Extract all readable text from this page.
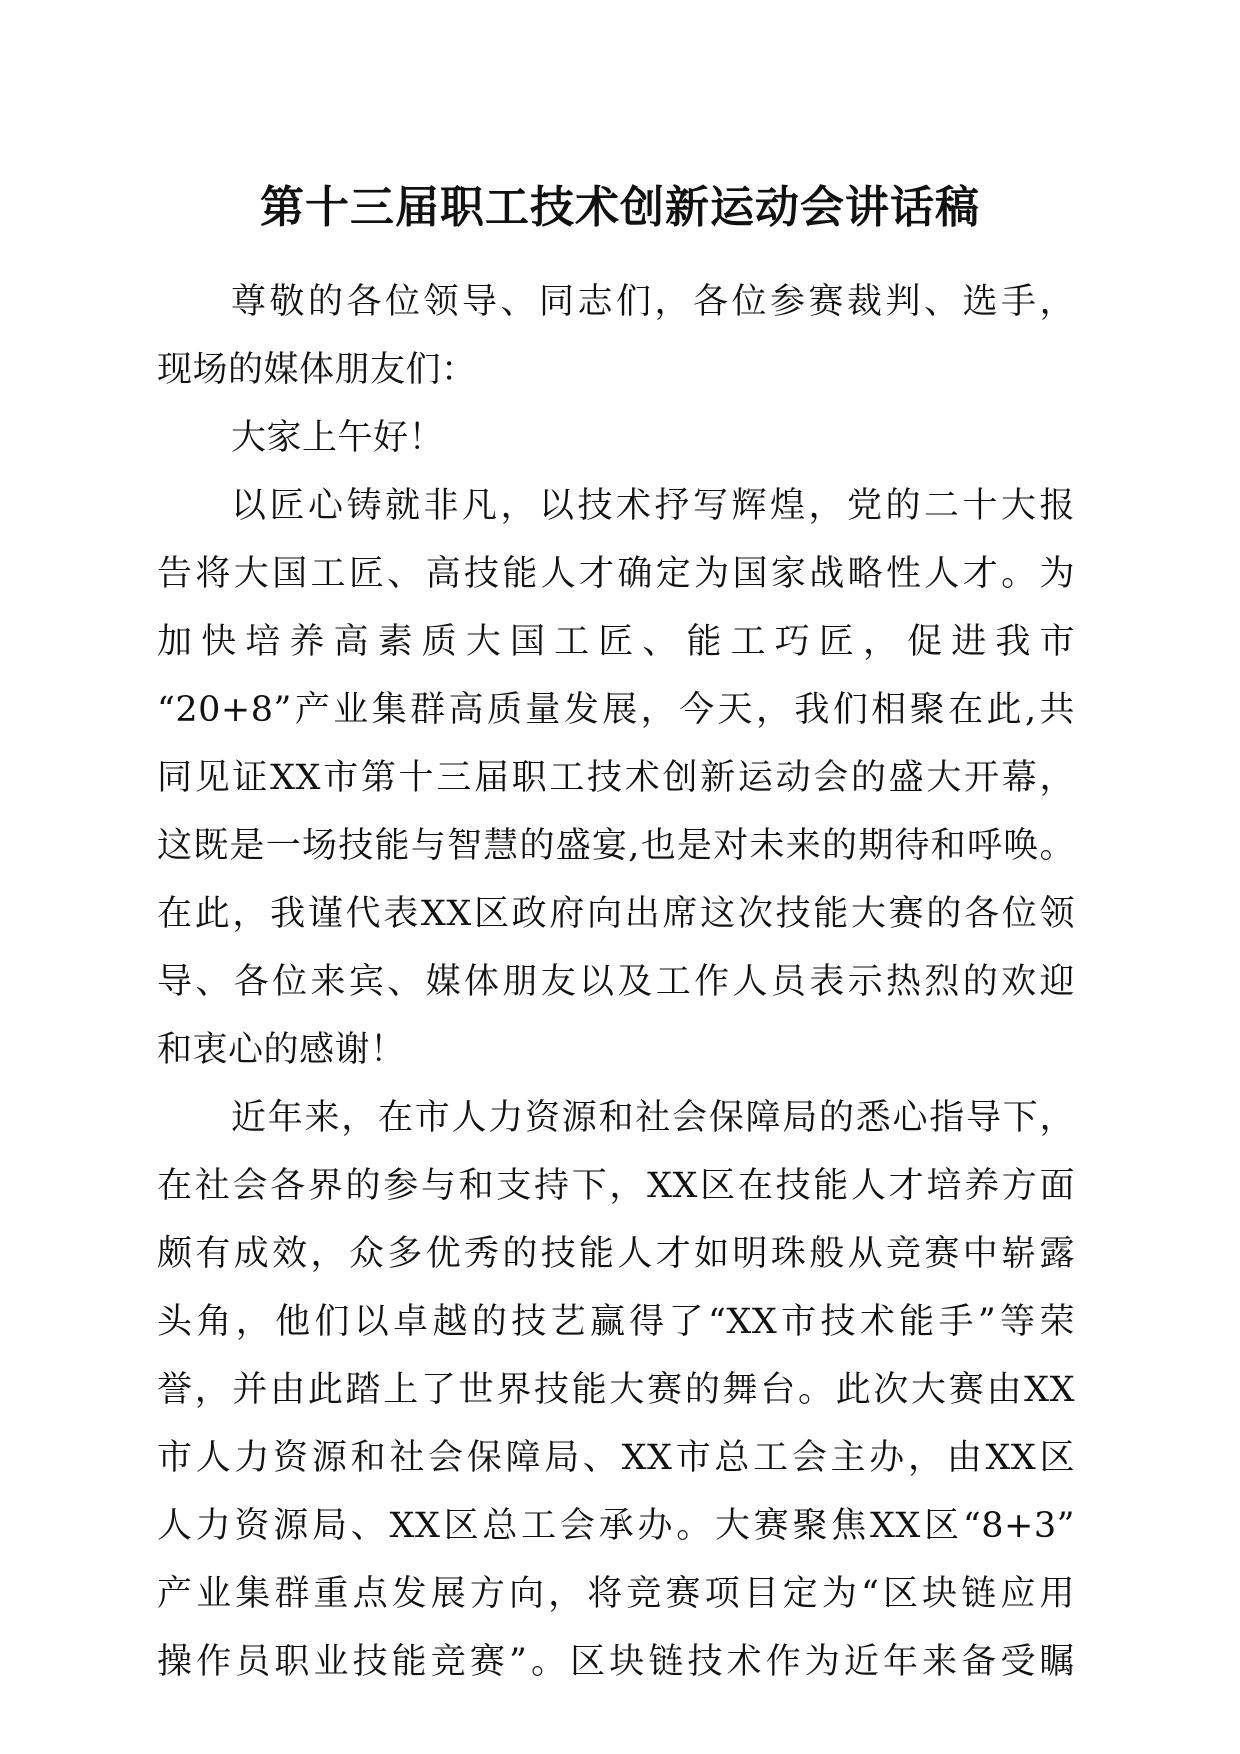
第十三届职工技术创新运动会讲话稿
尊敬的各位领导、同志们，各位参赛裁判、选手，
现场的媒体朋友们：
大家上午好！
以匠心铸就非凡，以技术抒写辉煌，党的二十大报
告将大国工匠、高技能人才确定为国家战略性人才。为
加快培养高素质大国工匠、能工巧匠，促进我市
“20+8”产业集群高质量发展，今天，我们相聚在此,共
同见证XX市第十三届职工技术创新运动会的盛大开幕，
这既是一场技能与智慧的盛宴,也是对未来的期待和呼唤。
在此，我谨代表XX区政府向出席这次技能大赛的各位领
导、各位来宾、媒体朋友以及工作人员表示热烈的欢迎
和衷心的感谢！
近年来，在市人力资源和社会保障局的悉心指导下，
在社会各界的参与和支持下，XX区在技能人才培养方面
颇有成效，众多优秀的技能人才如明珠般从竞赛中崭露
头角，他们以卓越的技艺赢得了“XX市技术能手”等荣
誉，并由此踏上了世界技能大赛的舞台。此次大赛由XX
市人力资源和社会保障局、XX市总工会主办，由XX区
人力资源局、XX区总工会承办。大赛聚焦XX区“8+3”
产业集群重点发展方向，将竞赛项目定为“区块链应用
操作员职业技能竞赛”。区块链技术作为近年来备受瞩
